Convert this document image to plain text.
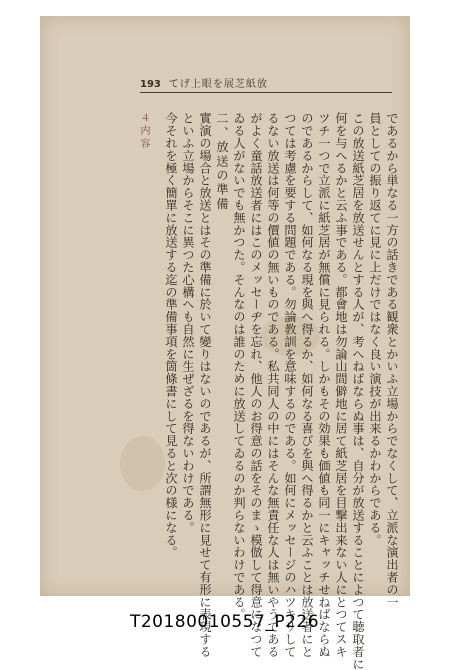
193 てげ上眼を展芝紙放

であるから単なる一方の話きである観衆とかいふ立場からでなくして、立派な演出者の一

員としての振り返てに見に上だけではなく良い演技が出来るかわからである。

この放送紙芝居を放送せんとする人が、考へねばならぬ事は、自分が放送することによつて聴取者に

何を与へるかと云ふ事である。都會地は勿論山間僻地に居て紙芝居を目撃出来ない人にとつてスキ

ツチ一つで立派に紙芝居が無償に見られる。しかもその効果も価値も同一にキャッチせねばならぬ

のであるからして、如何なる現を與へ得るか、如何なる喜びを與へ得るかと云ふことは放送者にと

つては考慮を要する問題である。勿論教訓を意味するのである。如何にメッセージのハツキリして

るない放送は何等の價値の無いものである。私共同人の中にはそんな無責任な人は無いやうである

がよく童話放送者にはこのメッセーヂを忘れ、他人のお得意の話をそのまゝ模倣して得意になつて

ゐる人がないでも無かつた。そんなのは誰のために放送してゐるのか判らないわけである。

二、放送の準備

實演の場合と放送とはその準備に於いて變りはないのであるが、所謂無形に見せて有形に表現する

といふ立場からそこに異つた心構へも自然に生ぜざるを得ないわけである。

今それを極く簡單に放送する迄の準備事項を箇條書にして見ると次の様になる。

４内容

T20180010557_P226
